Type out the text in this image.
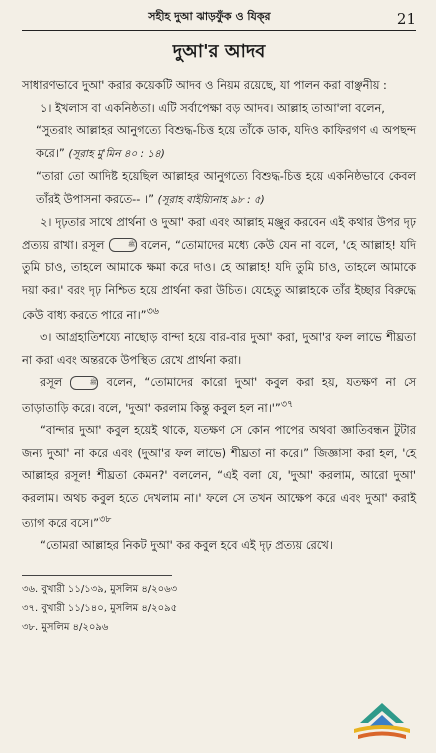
সহীহ দুআ ঝাড়ফুঁক ও যিক্‌র	21
দুআ'র আদব

সাধারণভাবে দুআ' করার কয়েকটি আদব ও নিয়ম রয়েছে, যা পালন করা বাঞ্ছনীয় :

১। ইখলাস বা একনিষ্ঠতা। এটি সর্বাপেক্ষা বড় আদব। আল্লাহ তাআ'লা বলেন,

“সুতরাং আল্লাহর আনুগত্যে বিশুদ্ধ-চিত্ত হয়ে তাঁকে ডাক, যদিও কাফিরগণ এ অপছন্দ করে।” (সূরাহ মু'মিন ৪০ : ১৪)

“তারা তো আদিষ্ট হয়েছিল আল্লাহর আনুগত্যে বিশুদ্ধ-চিত্ত হয়ে একনিষ্ঠভাবে কেবল তাঁরই উপাসনা করতে-- ।” (সূরাহ বাইয়্যিনাহ ৯৮ : ৫)

২। দৃঢ়তার সাথে প্রার্থনা ও দুআ' করা এবং আল্লাহ মঞ্জুর করবেন এই কথার উপর দৃঢ় প্রত্যয় রাখা। রসূল	ﷺ বলেন, “তোমাদের মধ্যে কেউ যেন না বলে, 'হে আল্লাহ! যদি তুমি চাও, তাহলে আমাকে ক্ষমা করে দাও। হে আল্লাহ! যদি তুমি চাও, তাহলে আমাকে দয়া কর।' বরং দৃঢ় নিশ্চিত হয়ে প্রার্থনা করা উচিত। যেহেতু আল্লাহকে তাঁর ইচ্ছার বিরুদ্ধে কেউ বাধ্য করতে পারে না।”$^{৩৬}$

৩। আগ্রহাতিশয্যে নাছোড় বান্দা হয়ে বার-বার দুআ' করা, দুআ'র ফল লাভে শীঘ্রতা না করা এবং অন্তরকে উপস্থিত রেখে প্রার্থনা করা।

রসূল	ﷺ বলেন, “তোমাদের কারো দুআ' কবুল করা হয়, যতক্ষণ না সে তাড়াতাড়ি করে। বলে, 'দুআ' করলাম কিন্তু কবুল হল না।'”$^{৩৭}$

“বান্দার দুআ' কবুল হয়েই থাকে, যতক্ষণ সে কোন পাপের অথবা জ্ঞাতিবন্ধন টুটার জন্য দুআ' না করে এবং (দুআ'র ফল লাভে) শীঘ্রতা না করে।” জিজ্ঞাসা করা হল, 'হে আল্লাহর রসূল! শীঘ্রতা কেমন?' বললেন, “এই বলা যে, 'দুআ' করলাম, আরো দুআ' করলাম। অথচ কবুল হতে দেখলাম না।' ফলে সে তখন আক্ষেপ করে এবং দুআ' করাই ত্যাগ করে বসে।”$^{৩৮}$

“তোমরা আল্লাহর নিকট দুআ' কর কবুল হবে এই দৃঢ় প্রত্যয় রেখে।

৩৬. বুখারী ১১/১৩৯, মুসলিম ৪/২০৬৩
৩৭. বুখারী ১১/১৪০, মুসলিম ৪/২০৯৫
৩৮. মুসলিম ৪/২০৯৬
